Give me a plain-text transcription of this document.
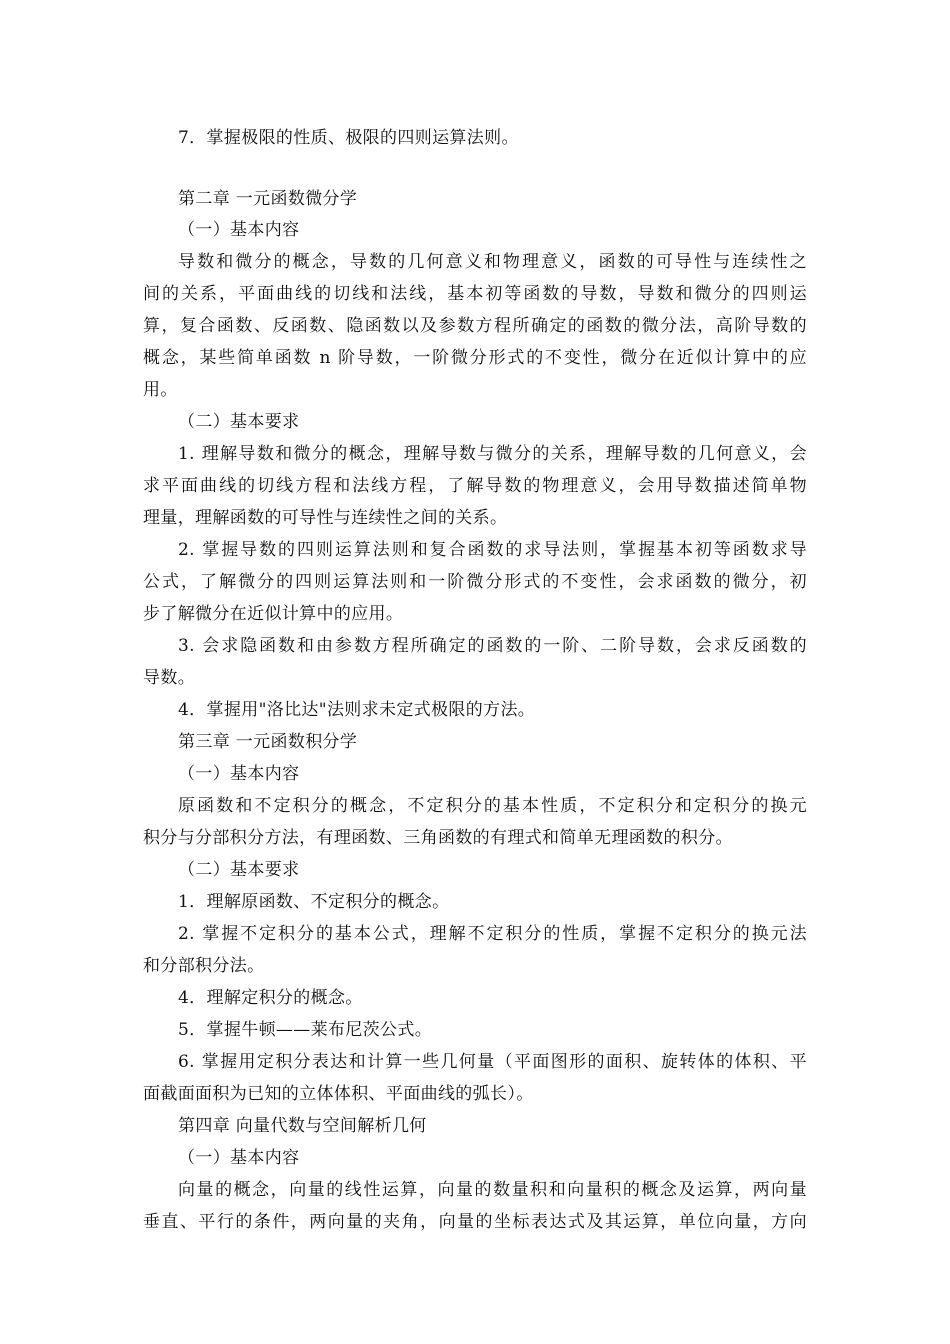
7．掌握极限的性质、极限的四则运算法则。
第二章 一元函数微分学
（一）基本内容
导数和微分的概念，导数的几何意义和物理意义，函数的可导性与连续性之
间的关系，平面曲线的切线和法线，基本初等函数的导数，导数和微分的四则运
算，复合函数、反函数、隐函数以及参数方程所确定的函数的微分法，高阶导数的
概念，某些简单函数 n 阶导数，一阶微分形式的不变性，微分在近似计算中的应
用。
（二）基本要求
1. 理解导数和微分的概念，理解导数与微分的关系，理解导数的几何意义，会
求平面曲线的切线方程和法线方程，了解导数的物理意义，会用导数描述简单物
理量，理解函数的可导性与连续性之间的关系。
2. 掌握导数的四则运算法则和复合函数的求导法则，掌握基本初等函数求导
公式，了解微分的四则运算法则和一阶微分形式的不变性，会求函数的微分，初
步了解微分在近似计算中的应用。
3. 会求隐函数和由参数方程所确定的函数的一阶、二阶导数，会求反函数的
导数。
4．掌握用"洛比达"法则求未定式极限的方法。
第三章 一元函数积分学
（一）基本内容
原函数和不定积分的概念，不定积分的基本性质，不定积分和定积分的换元
积分与分部积分方法，有理函数、三角函数的有理式和简单无理函数的积分。
（二）基本要求
1．理解原函数、不定积分的概念。
2. 掌握不定积分的基本公式，理解不定积分的性质，掌握不定积分的换元法
和分部积分法。
4．理解定积分的概念。
5．掌握牛顿——莱布尼茨公式。
6. 掌握用定积分表达和计算一些几何量（平面图形的面积、旋转体的体积、平
面截面面积为已知的立体体积、平面曲线的弧长）。
第四章 向量代数与空间解析几何
（一）基本内容
向量的概念，向量的线性运算，向量的数量积和向量积的概念及运算，两向量
垂直、平行的条件，两向量的夹角，向量的坐标表达式及其运算，单位向量，方向
